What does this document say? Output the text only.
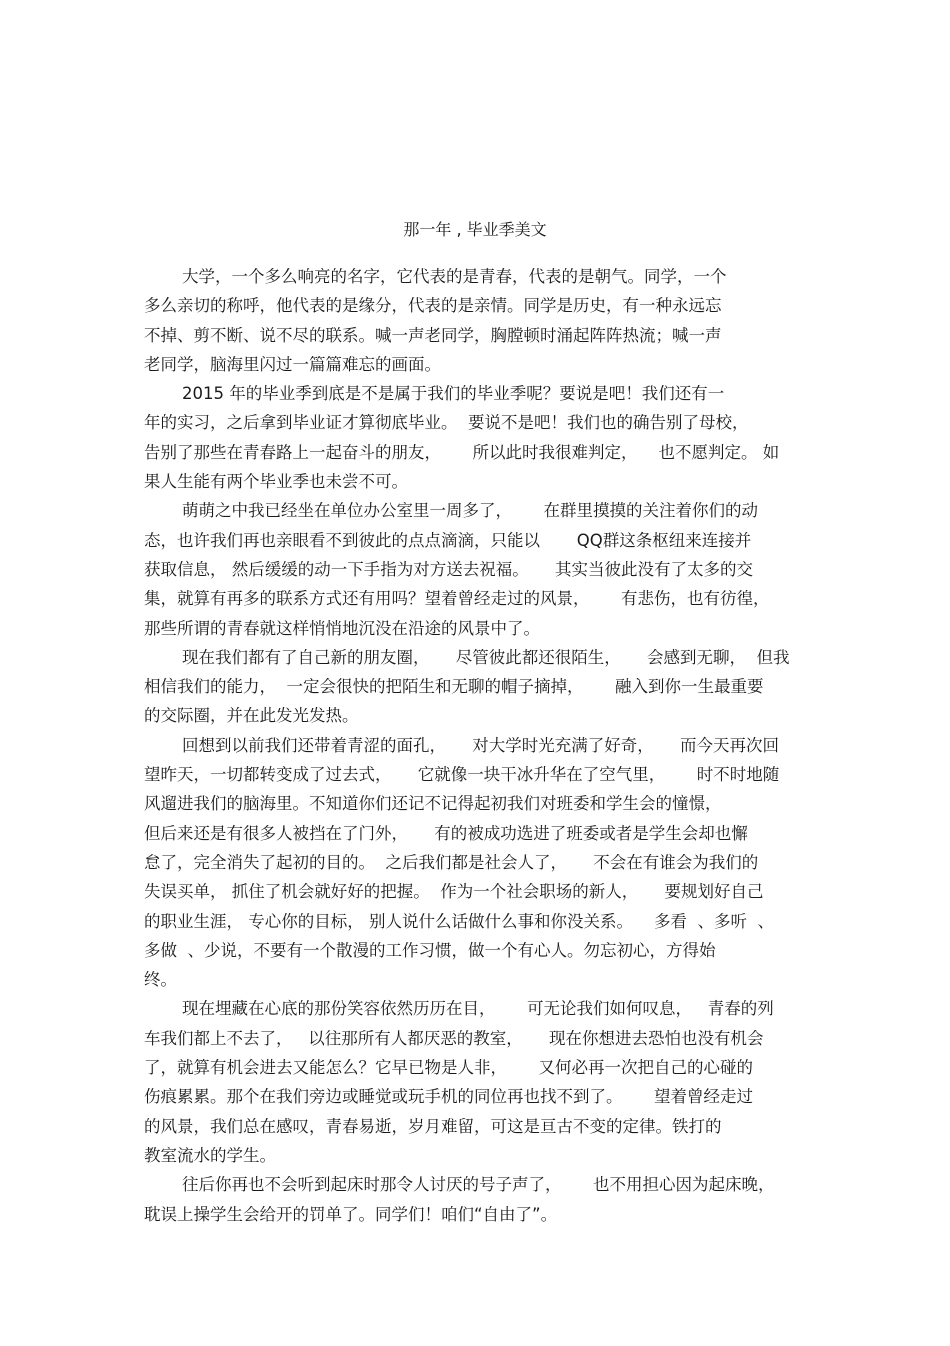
那一年 , 毕业季美文
大学，一个多么响亮的名字，它代表的是青春，代表的是朝气。同学，一个
多么亲切的称呼，他代表的是缘分，代表的是亲情。同学是历史，有一种永远忘
不掉、剪不断、说不尽的联系。喊一声老同学，胸膛顿时涌起阵阵热流；喊一声
老同学，脑海里闪过一篇篇难忘的画面。
2015 年的毕业季到底是不是属于我们的毕业季呢？要说是吧！我们还有一
年的实习，之后拿到毕业证才算彻底毕业。  要说不是吧！我们也的确告别了母校，
告别了那些在青春路上一起奋斗的朋友，      所以此时我很难判定，    也不愿判定。 如
果人生能有两个毕业季也未尝不可。
萌萌之中我已经坐在单位办公室里一周多了，      在群里摸摸的关注着你们的动
态，也许我们再也亲眼看不到彼此的点点滴滴，只能以       QQ群这条枢纽来连接并
获取信息， 然后缓缓的动一下手指为对方送去祝福。     其实当彼此没有了太多的交
集，就算有再多的联系方式还有用吗？望着曾经走过的风景，      有悲伤，也有彷徨，
那些所谓的青春就这样悄悄地沉没在沿途的风景中了。
现在我们都有了自己新的朋友圈，     尽管彼此都还很陌生，     会感到无聊，  但我
相信我们的能力，  一定会很快的把陌生和无聊的帽子摘掉，      融入到你一生最重要
的交际圈，并在此发光发热。
回想到以前我们还带着青涩的面孔，     对大学时光充满了好奇，     而今天再次回
望昨天，一切都转变成了过去式，     它就像一块干冰升华在了空气里，      时不时地随
风遛进我们的脑海里。不知道你们还记不记得起初我们对班委和学生会的憧憬，
但后来还是有很多人被挡在了门外，     有的被成功选进了班委或者是学生会却也懈
怠了，完全消失了起初的目的。  之后我们都是社会人了，     不会在有谁会为我们的
失误买单， 抓住了机会就好好的把握。  作为一个社会职场的新人，     要规划好自己
的职业生涯， 专心你的目标， 别人说什么话做什么事和你没关系。    多看  、多听  、
多做  、少说，不要有一个散漫的工作习惯，做一个有心人。勿忘初心，方得始
终。
现在埋藏在心底的那份笑容依然历历在目，      可无论我们如何叹息，   青春的列
车我们都上不去了，   以往那所有人都厌恶的教室，     现在你想进去恐怕也没有机会
了，就算有机会进去又能怎么？它早已物是人非，      又何必再一次把自己的心碰的
伤痕累累。那个在我们旁边或睡觉或玩手机的同位再也找不到了。      望着曾经走过
的风景，我们总在感叹，青春易逝，岁月难留，可这是亘古不变的定律。铁打的
教室流水的学生。
往后你再也不会听到起床时那令人讨厌的号子声了，      也不用担心因为起床晚，
耽误上操学生会给开的罚单了。同学们！咱们“自由了”。
